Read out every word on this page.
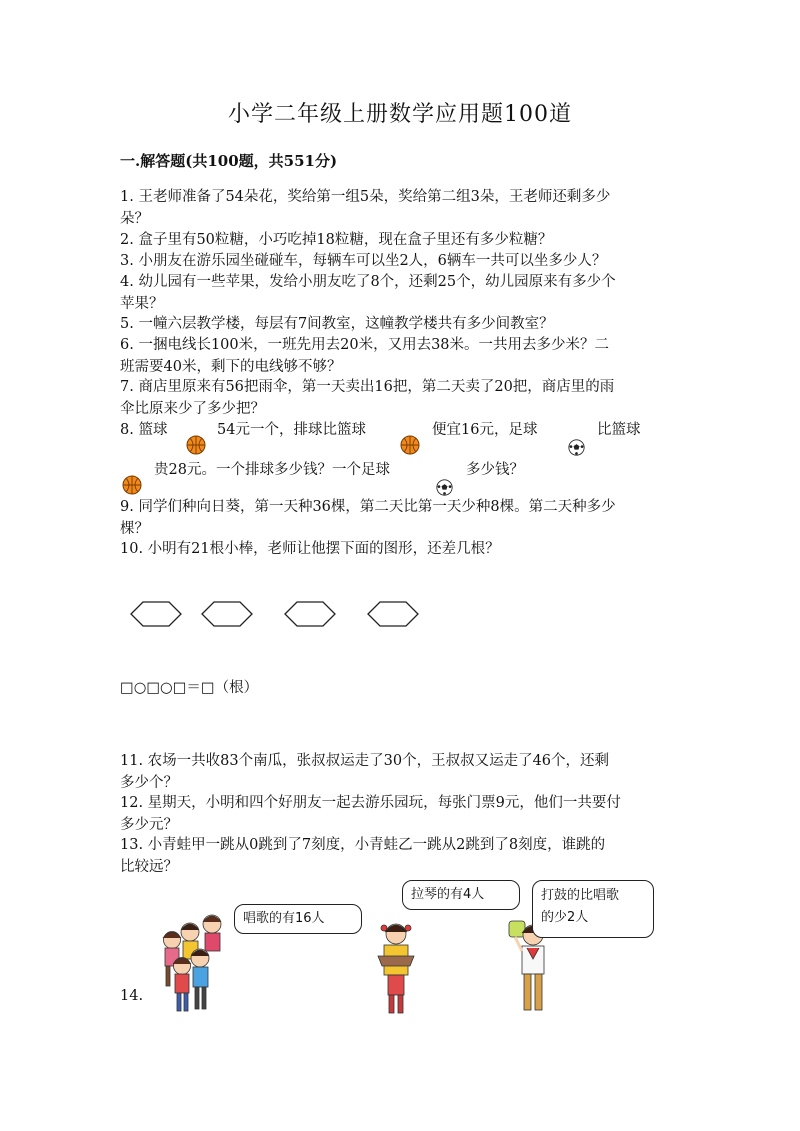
小学二年级上册数学应用题100道
一.解答题(共100题，共551分)
1. 王老师准备了54朵花，奖给第一组5朵，奖给第二组3朵，王老师还剩多少
朵？
2. 盒子里有50粒糖，小巧吃掉18粒糖，现在盒子里还有多少粒糖？
3. 小朋友在游乐园坐碰碰车，每辆车可以坐2人，6辆车一共可以坐多少人？
4. 幼儿园有一些苹果，发给小朋友吃了8个，还剩25个，幼儿园原来有多少个
苹果？
5. 一幢六层教学楼，每层有7间教室，这幢教学楼共有多少间教室？
6. 一捆电线长100米，一班先用去20米，又用去38米。一共用去多少米？二
班需要40米，剩下的电线够不够？
7. 商店里原来有56把雨伞，第一天卖出16把，第二天卖了20把，商店里的雨
伞比原来少了多少把？
8. 篮球	54元一个，排球比篮球	便宜16元，足球	比篮球
贵28元。一个排球多少钱？一个足球	多少钱？
9. 同学们种向日葵，第一天种36棵，第二天比第一天少种8棵。第二天种多少
棵？
10. 小明有21根小棒，老师让他摆下面的图形，还差几根？
□○□○□＝□（根）
11. 农场一共收83个南瓜，张叔叔运走了30个，王叔叔又运走了46个，还剩
多少个？
12. 星期天，小明和四个好朋友一起去游乐园玩，每张门票9元，他们一共要付
多少元？
13. 小青蛙甲一跳从0跳到了7刻度，小青蛙乙一跳从2跳到了8刻度，谁跳的
比较远？
14.
唱歌的有16人
拉琴的有4人	打鼓的比唱歌
的少2人
